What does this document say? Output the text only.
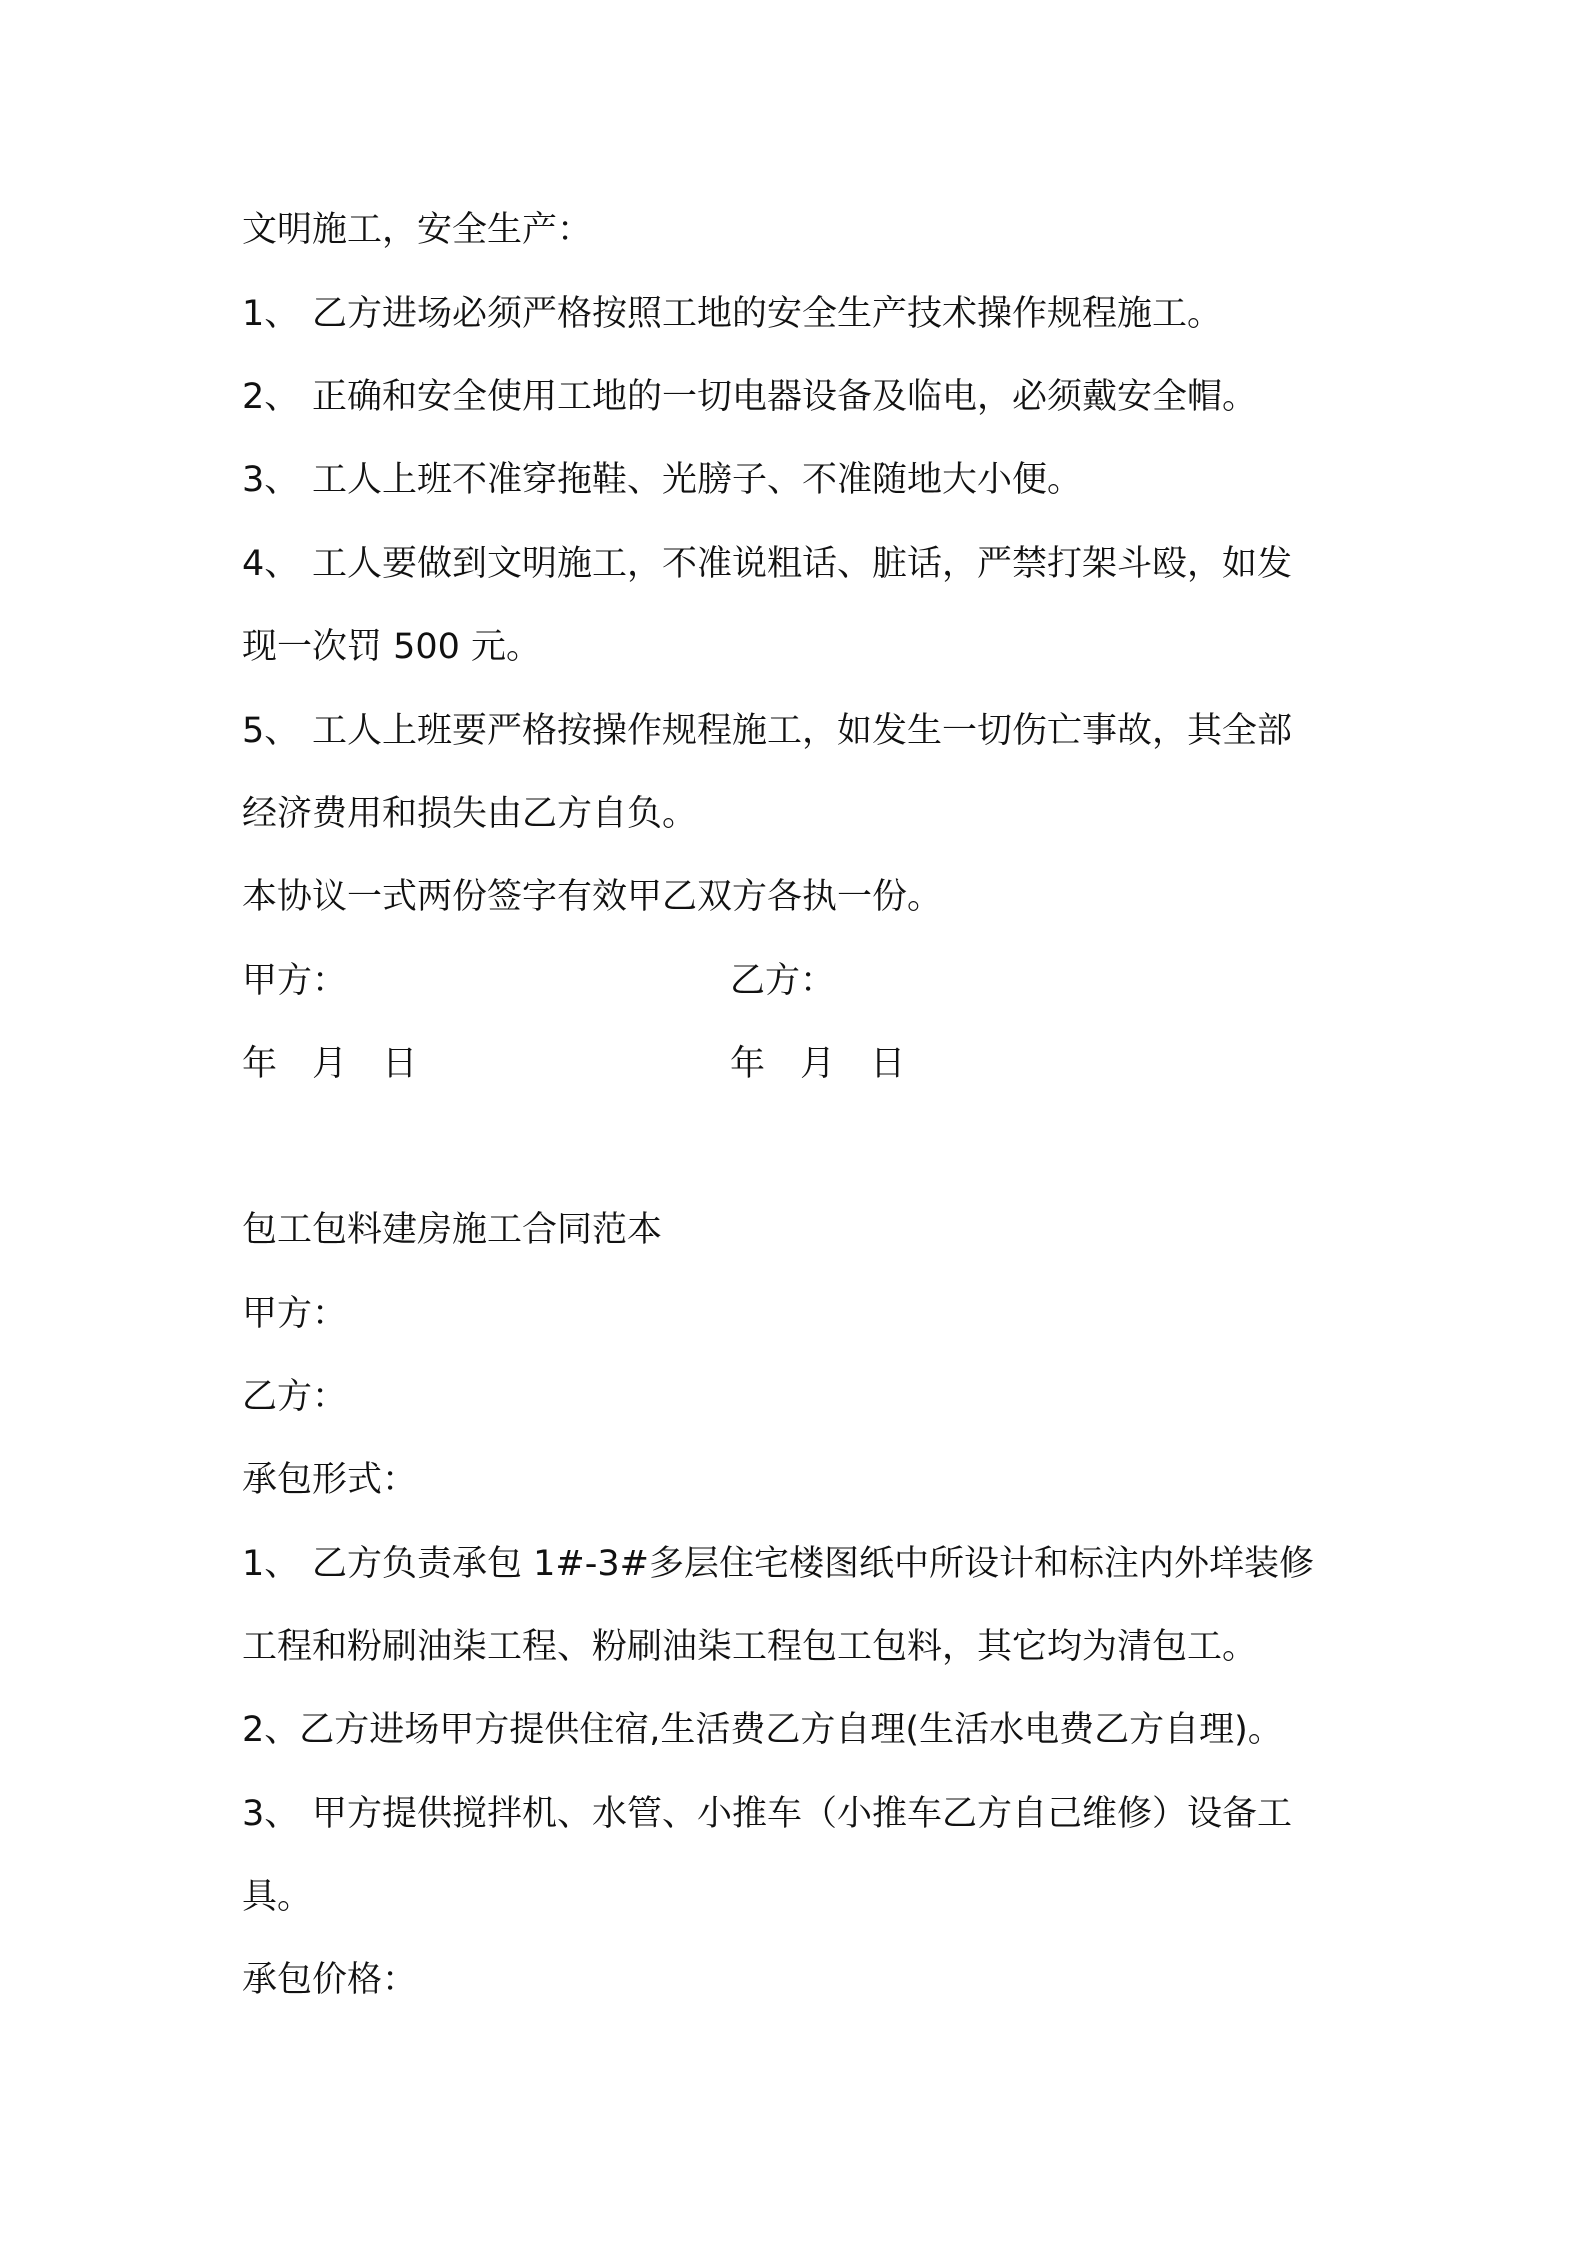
文明施工，安全生产：
1、 乙方进场必须严格按照工地的安全生产技术操作规程施工。
2、 正确和安全使用工地的一切电器设备及临电，必须戴安全帽。
3、 工人上班不准穿拖鞋、光膀子、不准随地大小便。
4、 工人要做到文明施工，不准说粗话、脏话，严禁打架斗殴，如发
现一次罚 500 元。
5、 工人上班要严格按操作规程施工，如发生一切伤亡事故，其全部
经济费用和损失由乙方自负。
本协议一式两份签字有效甲乙双方各执一份。
甲方：	乙方：
年 月 日	年 月 日
包工包料建房施工合同范本
甲方：
乙方：
承包形式：
1、 乙方负责承包 1#-3#多层住宅楼图纸中所设计和标注内外垟装修
工程和粉刷油柒工程、粉刷油柒工程包工包料，其它均为清包工。
2、乙方进场甲方提供住宿,生活费乙方自理(生活水电费乙方自理)。
3、 甲方提供搅拌机、水管、小推车（小推车乙方自己维修）设备工
具。
承包价格：
